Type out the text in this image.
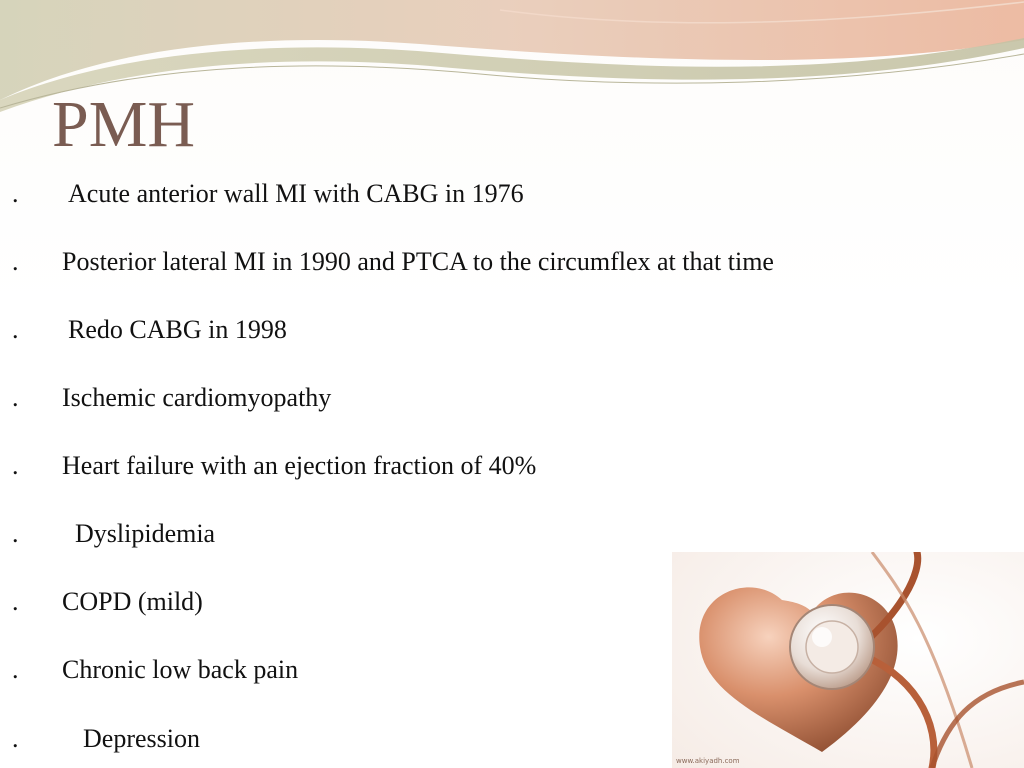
PMH
. Acute anterior wall MI with CABG in 1976
. Posterior lateral MI in 1990 and PTCA to the circumflex at that time
. Redo CABG in 1998
. Ischemic cardiomyopathy
. Heart failure with an ejection fraction of 40%
. Dyslipidemia
. COPD (mild)
. Chronic low back pain
. Depression
www.akiyadh.com
